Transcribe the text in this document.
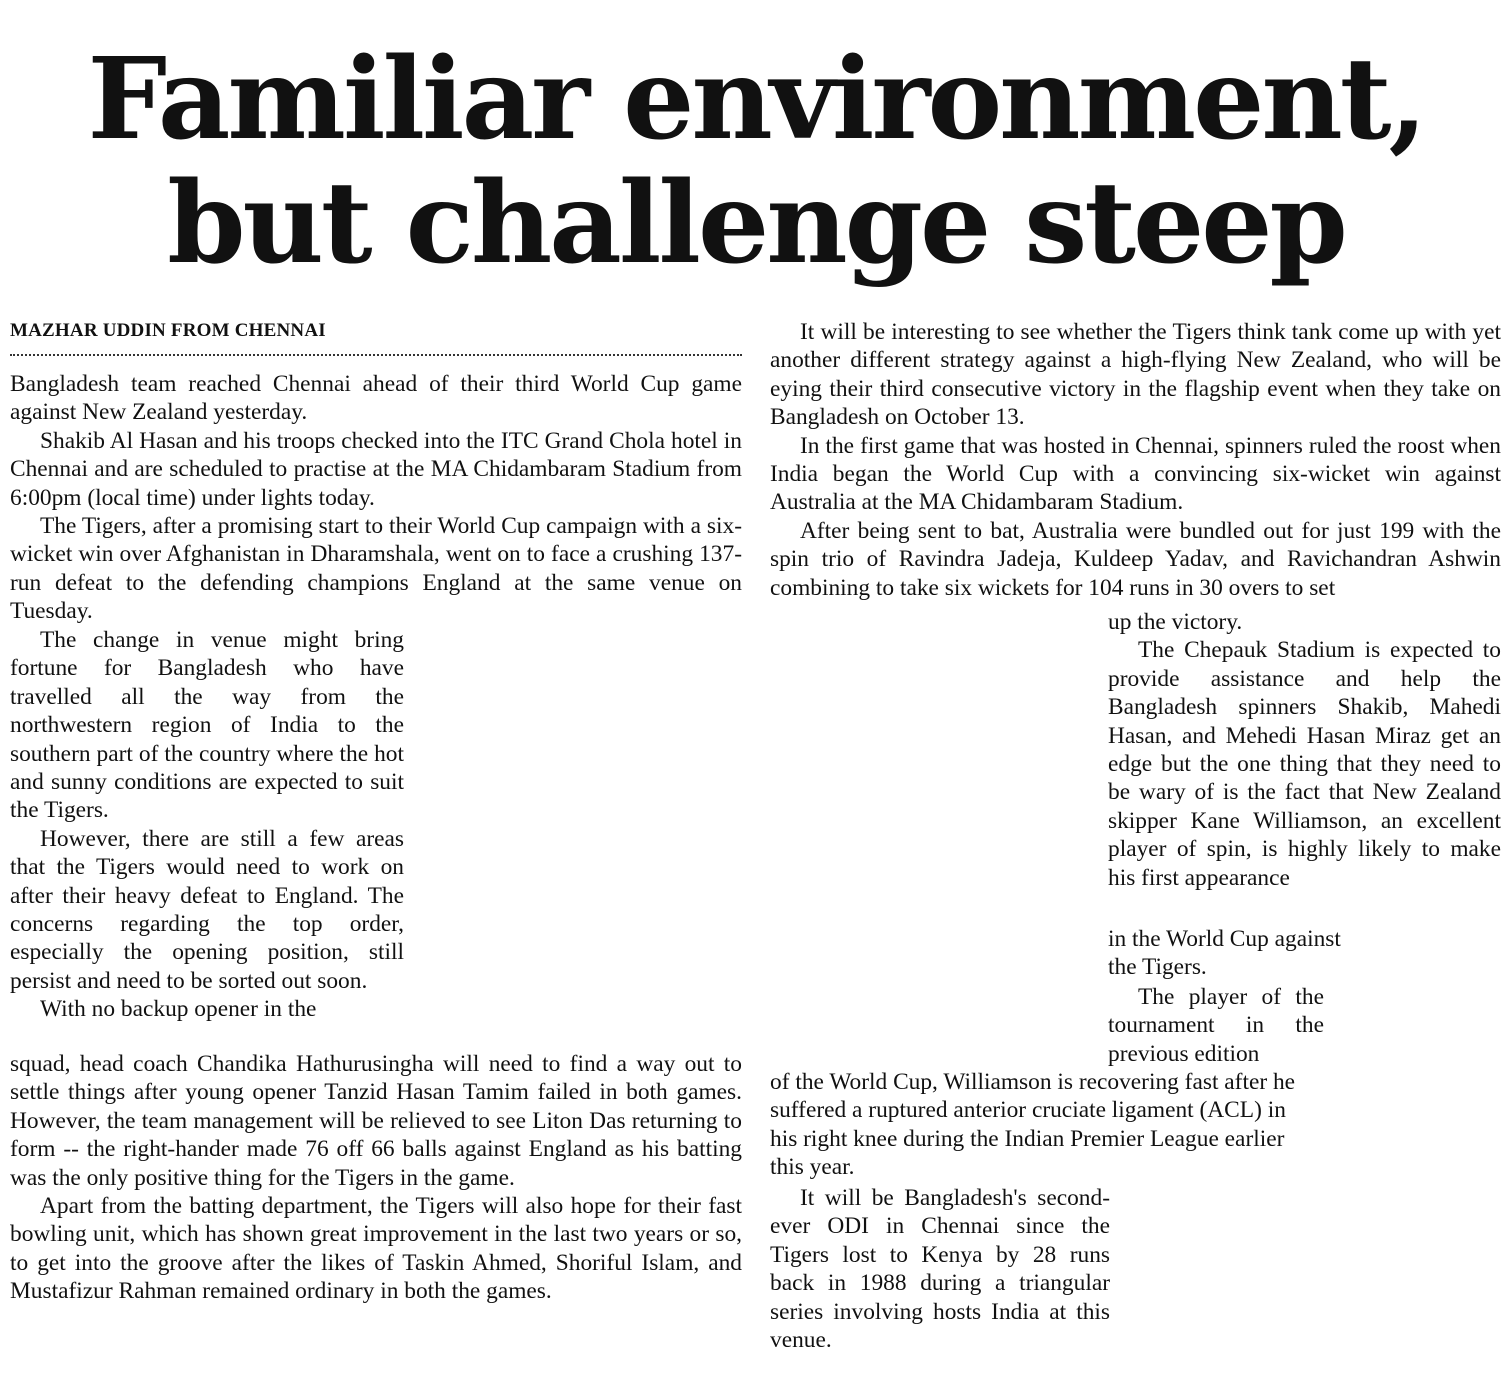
Familiar environment,
but challenge steep
MAZHAR UDDIN FROM CHENNAI

Bangladesh team reached Chennai ahead of their third World Cup game against New Zealand yesterday.

Shakib Al Hasan and his troops checked into the ITC Grand Chola hotel in Chennai and are scheduled to practise at the MA Chidambaram Stadium from 6:00pm (local time) under lights today.

The Tigers, after a promising start to their World Cup campaign with a six-wicket win over Afghanistan in Dharamshala, went on to face a crushing 137-run defeat to the defending champions England at the same venue on Tuesday.

The change in venue might bring fortune for Bangladesh who have travelled all the way from the northwestern region of India to the southern part of the country where the hot and sunny conditions are expected to suit the Tigers.

However, there are still a few areas that the Tigers would need to work on after their heavy defeat to England. The concerns regarding the top order, especially the opening position, still persist and need to be sorted out soon.

With no backup opener in the

squad, head coach Chandika Hathurusingha will need to find a way out to settle things after young opener Tanzid Hasan Tamim failed in both games. However, the team management will be relieved to see Liton Das returning to form -- the right-hander made 76 off 66 balls against England as his batting was the only positive thing for the Tigers in the game.

Apart from the batting department, the Tigers will also hope for their fast bowling unit, which has shown great improvement in the last two years or so, to get into the groove after the likes of Taskin Ahmed, Shoriful Islam, and Mustafizur Rahman remained ordinary in both the games.

It will be interesting to see whether the Tigers think tank come up with yet another different strategy against a high-flying New Zealand, who will be eying their third consecutive victory in the flagship event when they take on Bangladesh on October 13.

In the first game that was hosted in Chennai, spinners ruled the roost when India began the World Cup with a convincing six-wicket win against Australia at the MA Chidambaram Stadium.

After being sent to bat, Australia were bundled out for just 199 with the spin trio of Ravindra Jadeja, Kuldeep Yadav, and Ravichandran Ashwin combining to take six wickets for 104 runs in 30 overs to set

up the victory.

The Chepauk Stadium is expected to provide assistance and help the Bangladesh spinners Shakib, Mahedi Hasan, and Mehedi Hasan Miraz get an edge but the one thing that they need to be wary of is the fact that New Zealand skipper Kane Williamson, an excellent player of spin, is highly likely to make his first appearance

in the World Cup against

the Tigers.

The player of the tournament in the previous edition

of the World Cup, Williamson is recovering fast after he suffered a ruptured anterior cruciate ligament (ACL) in his right knee during the Indian Premier League earlier this year.

It will be Bangladesh's second-ever ODI in Chennai since the Tigers lost to Kenya by 28 runs back in 1988 during a triangular series involving hosts India at this venue.
